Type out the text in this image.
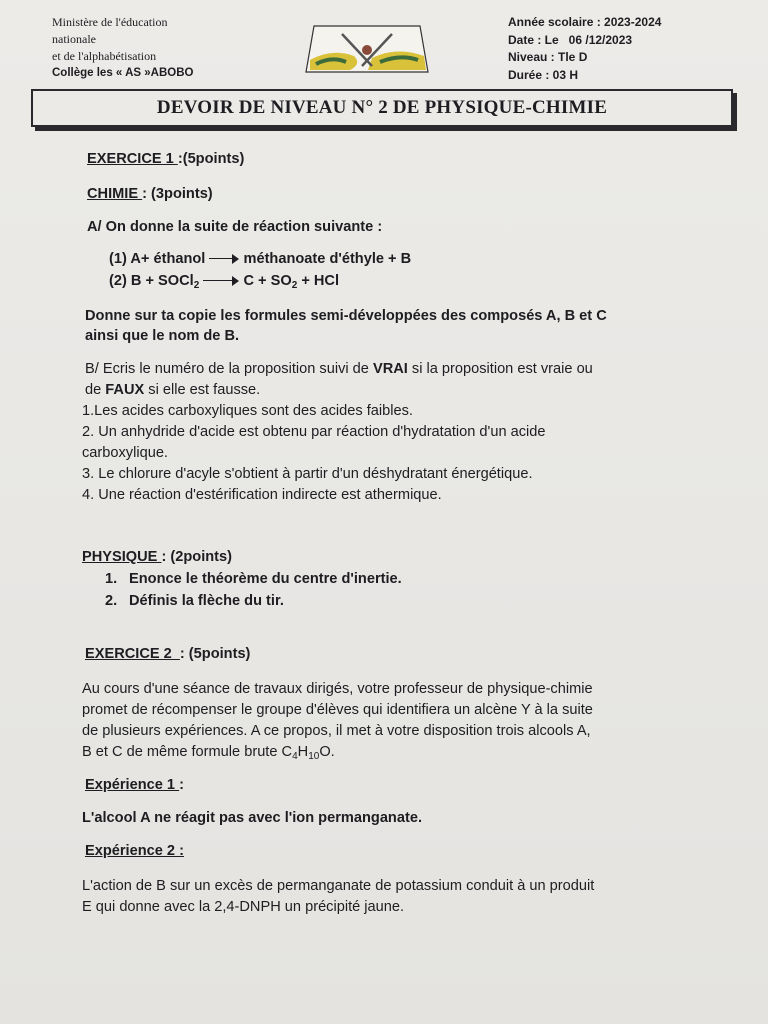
Ministère de l'éducation
nationale
et de l'alphabétisation
Collège les « AS »ABOBO
Année scolaire : 2023-2024
Date : Le   06 /12/2023
Niveau : Tle D
Durée : 03 H
DEVOIR DE NIVEAU N° 2 DE PHYSIQUE-CHIMIE
EXERCICE 1 :(5points)
CHIMIE : (3points)
A/ On donne la suite de réaction suivante :
(1) A+ éthanol	méthanoate d'éthyle + B
(2) B + SOCl$_2$	$C + SO_2$ + HCl
Donne sur ta copie les formules semi-développées des composés A, B et C
ainsi que le nom de B.
B/ Ecris le numéro de la proposition suivi de VRAI si la proposition est vraie ou
de FAUX si elle est fausse.
1.Les acides carboxyliques sont des acides faibles.
2. Un anhydride d'acide est obtenu par réaction d'hydratation d'un acide
carboxylique.
3. Le chlorure d'acyle s'obtient à partir d'un déshydratant énergétique.
4. Une réaction d'estérification indirecte est athermique.
PHYSIQUE : (2points)
1. Enonce le théorème du centre d'inertie.
2. Définis la flèche du tir.
EXERCICE 2  : (5points)
Au cours d'une séance de travaux dirigés, votre professeur de physique-chimie
promet de récompenser le groupe d'élèves qui identifiera un alcène Y à la suite
de plusieurs expériences. A ce propos, il met à votre disposition trois alcools A,
B et C de même formule brute $C_4H_{10}O$.
Expérience 1 :
L'alcool A ne réagit pas avec l'ion permanganate.
Expérience 2 :
L'action de B sur un excès de permanganate de potassium conduit à un produit
E qui donne avec la 2,4-DNPH un précipité jaune.
